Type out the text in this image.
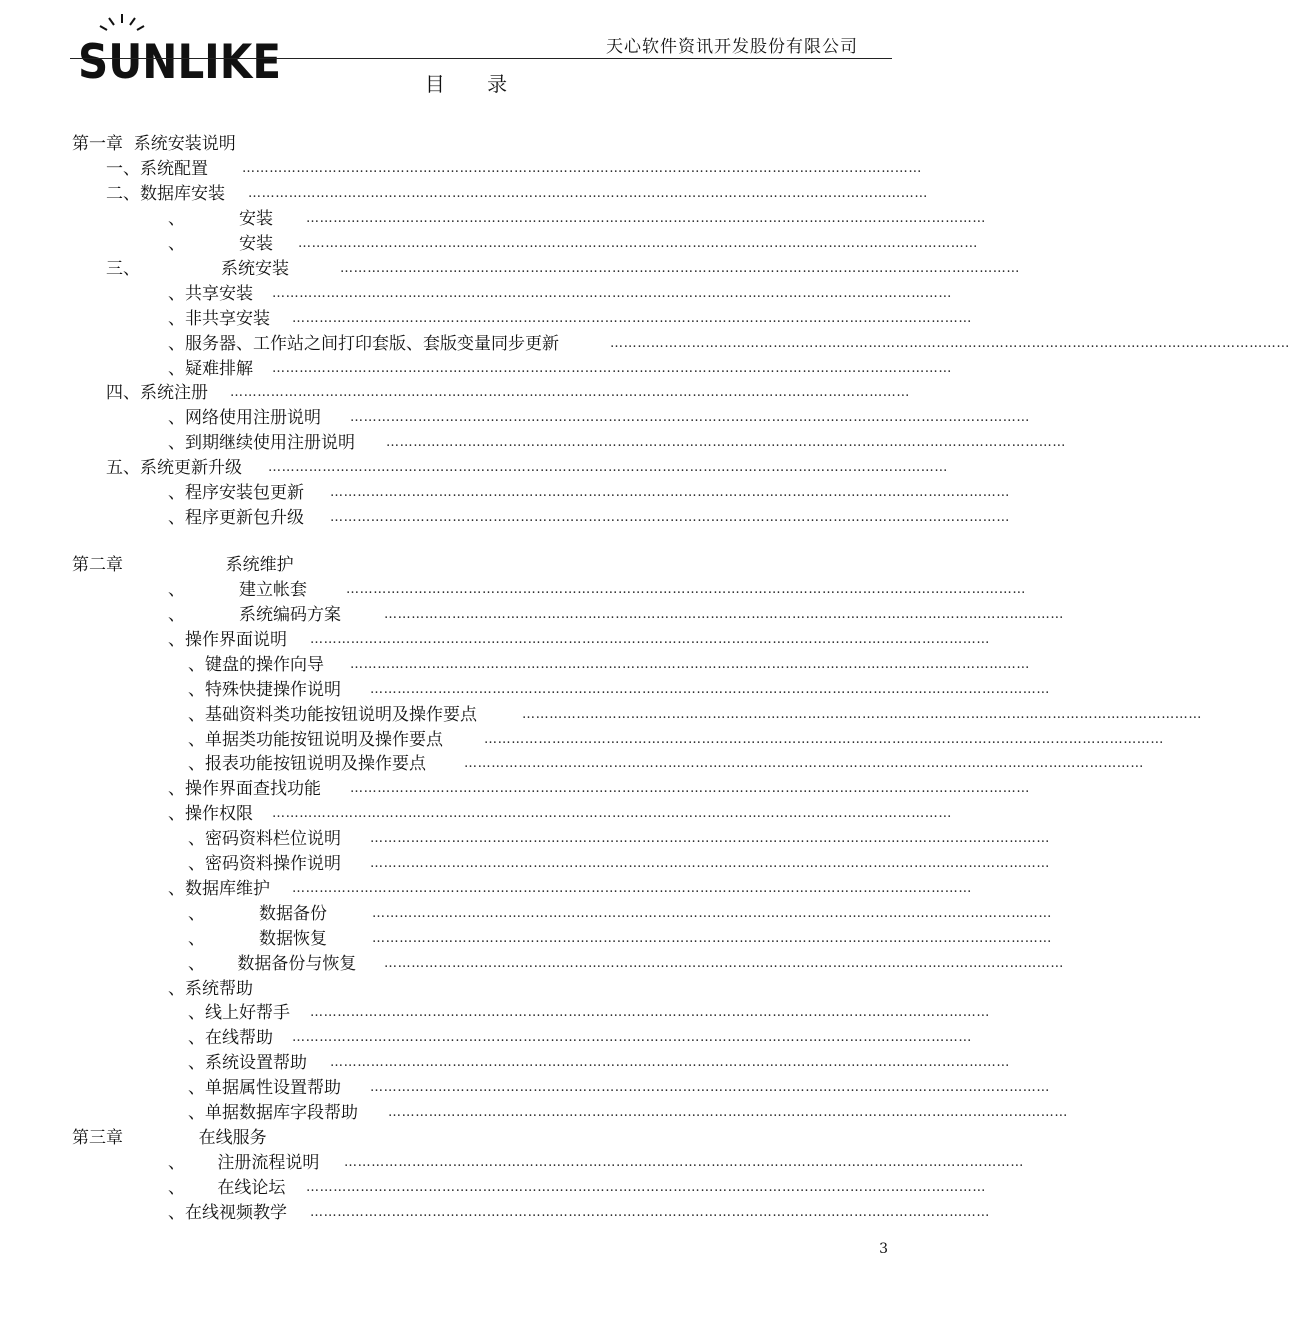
SUNLIKE	天心软件资讯开发股份有限公司
目 录
第一章  系统安装说明
一、系统配置	……………………………………………………………………………………………………………………………………
二、数据库安装 ……………………………………………………………………………………………………………………………………
、          安装	……………………………………………………………………………………………………………………………………
、          安装 ……………………………………………………………………………………………………………………………………
三、               系统安装	……………………………………………………………………………………………………………………………………
、共享安装 ……………………………………………………………………………………………………………………………………
、非共享安装 ……………………………………………………………………………………………………………………………………
、服务器、工作站之间打印套版、套版变量同步更新	……………………………………………………………………………………………………………………………………
、疑难排解 ……………………………………………………………………………………………………………………………………
四、系统注册 ……………………………………………………………………………………………………………………………………
、网络使用注册说明 ……………………………………………………………………………………………………………………………………
、到期继续使用注册说明 ……………………………………………………………………………………………………………………………………
五、系统更新升级 ……………………………………………………………………………………………………………………………………
、程序安装包更新 ……………………………………………………………………………………………………………………………………
、程序更新包升级 ……………………………………………………………………………………………………………………………………
第二章                   系统维护
、          建立帐套	……………………………………………………………………………………………………………………………………
、          系统编码方案	……………………………………………………………………………………………………………………………………
、操作界面说明 ……………………………………………………………………………………………………………………………………
、键盘的操作向导 ……………………………………………………………………………………………………………………………………
、特殊快捷操作说明 ……………………………………………………………………………………………………………………………………
、基础资料类功能按钮说明及操作要点	……………………………………………………………………………………………………………………………………
、单据类功能按钮说明及操作要点	……………………………………………………………………………………………………………………………………
、报表功能按钮说明及操作要点	……………………………………………………………………………………………………………………………………
、操作界面查找功能 ……………………………………………………………………………………………………………………………………
、操作权限 ……………………………………………………………………………………………………………………………………
、密码资料栏位说明 ……………………………………………………………………………………………………………………………………
、密码资料操作说明 ……………………………………………………………………………………………………………………………………
、数据库维护 ……………………………………………………………………………………………………………………………………
、          数据备份	……………………………………………………………………………………………………………………………………
、          数据恢复	……………………………………………………………………………………………………………………………………
、      数据备份与恢复 ……………………………………………………………………………………………………………………………………
、系统帮助
、线上好帮手 ……………………………………………………………………………………………………………………………………
、在线帮助 ……………………………………………………………………………………………………………………………………
、系统设置帮助 ……………………………………………………………………………………………………………………………………
、单据属性设置帮助 ……………………………………………………………………………………………………………………………………
、单据数据库字段帮助 ……………………………………………………………………………………………………………………………………
第三章              在线服务
、      注册流程说明 ……………………………………………………………………………………………………………………………………
、      在线论坛 ……………………………………………………………………………………………………………………………………
、在线视频教学 ……………………………………………………………………………………………………………………………………
3
